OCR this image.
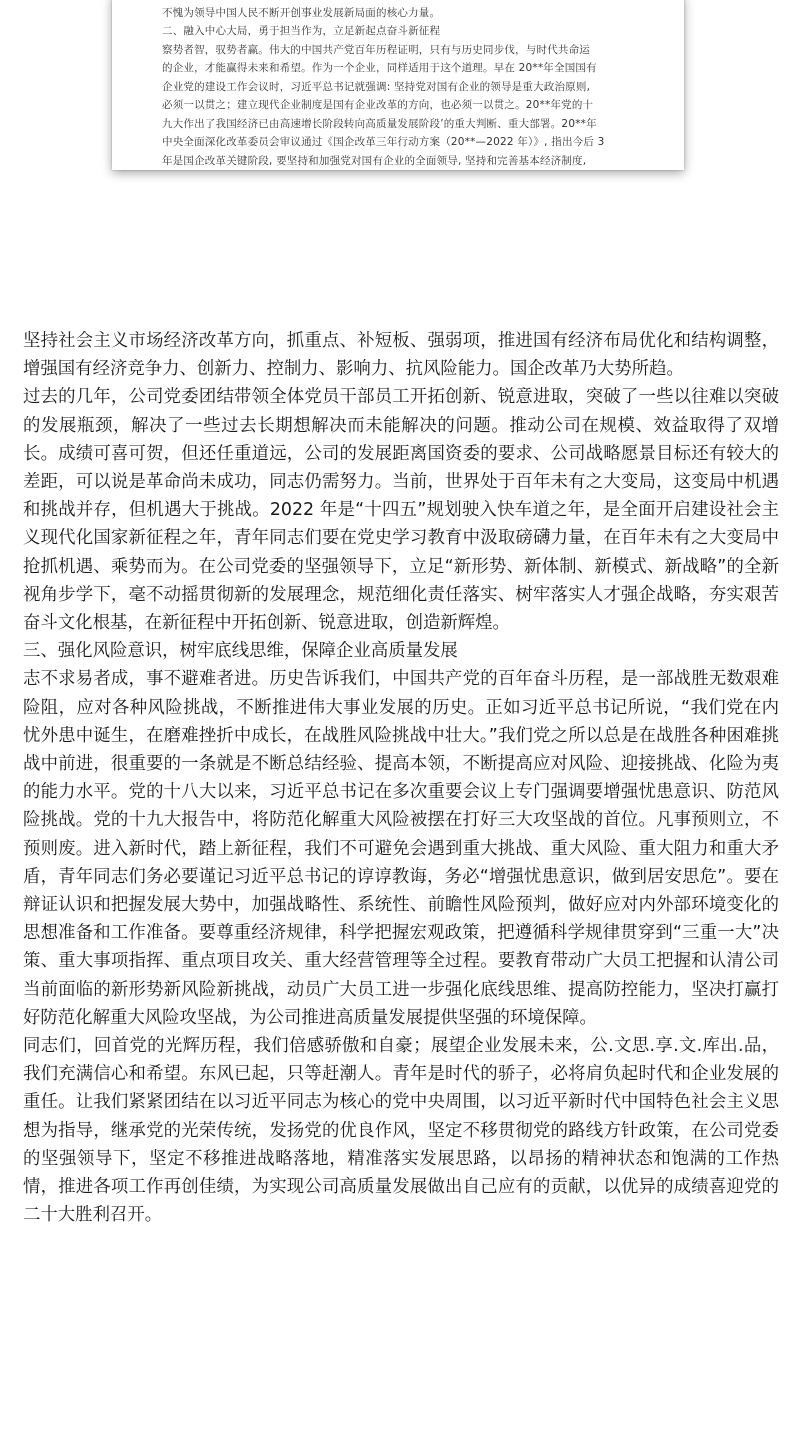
不愧为领导中国人民不断开创事业发展新局面的核心力量。

二、融入中心大局，勇于担当作为，立足新起点奋斗新征程

察势者智，驭势者赢。伟大的中国共产党百年历程证明，只有与历史同步伐，与时代共命运

的企业，才能赢得未来和希望。作为一个企业，同样适用于这个道理。早在 20**年全国国有

企业党的建设工作会议时，习近平总书记就强调: 坚持党对国有企业的领导是重大政治原则,

必须一以贯之；建立现代企业制度是国有企业改革的方向，也必须一以贯之。20**年党的十

九大作出了我国经济已由高速增长阶段转向高质量发展阶段’的重大判断、重大部署。20**年

中央全面深化改革委员会审议通过《国企改革三年行动方案（20**—2022 年）》, 指出今后 3

年是国企改革关键阶段, 要坚持和加强党对国有企业的全面领导, 坚持和完善基本经济制度,

坚持社会主义市场经济改革方向，抓重点、补短板、强弱项，推进国有经济布局优化和结构调整，增强国有经济竞争力、创新力、控制力、影响力、抗风险能力。国企改革乃大势所趋。

过去的几年，公司党委团结带领全体党员干部员工开拓创新、锐意进取，突破了一些以往难以突破的发展瓶颈，解决了一些过去长期想解决而未能解决的问题。推动公司在规模、效益取得了双增长。成绩可喜可贺，但还任重道远，公司的发展距离国资委的要求、公司战略愿景目标还有较大的差距，可以说是革命尚未成功，同志仍需努力。当前，世界处于百年未有之大变局，这变局中机遇和挑战并存，但机遇大于挑战。2022 年是“十四五”规划驶入快车道之年，是全面开启建设社会主义现代化国家新征程之年，青年同志们要在党史学习教育中汲取磅礴力量，在百年未有之大变局中抢抓机遇、乘势而为。在公司党委的坚强领导下，立足“新形势、新体制、新模式、新战略”的全新视角步学下，毫不动摇贯彻新的发展理念，规范细化责任落实、树牢落实人才强企战略，夯实艰苦奋斗文化根基，在新征程中开拓创新、锐意进取，创造新辉煌。

三、强化风险意识，树牢底线思维，保障企业高质量发展

志不求易者成，事不避难者进。历史告诉我们，中国共产党的百年奋斗历程，是一部战胜无数艰难险阻，应对各种风险挑战，不断推进伟大事业发展的历史。正如习近平总书记所说，“我们党在内忧外患中诞生，在磨难挫折中成长，在战胜风险挑战中壮大。”我们党之所以总是在战胜各种困难挑战中前进，很重要的一条就是不断总结经验、提高本领，不断提高应对风险、迎接挑战、化险为夷的能力水平。党的十八大以来，习近平总书记在多次重要会议上专门强调要增强忧患意识、防范风险挑战。党的十九大报告中，将防范化解重大风险被摆在打好三大攻坚战的首位。凡事预则立，不预则废。进入新时代，踏上新征程，我们不可避免会遇到重大挑战、重大风险、重大阻力和重大矛盾，青年同志们务必要谨记习近平总书记的谆谆教诲，务必“增强忧患意识，做到居安思危”。要在辩证认识和把握发展大势中，加强战略性、系统性、前瞻性风险预判，做好应对内外部环境变化的思想准备和工作准备。要尊重经济规律，科学把握宏观政策，把遵循科学规律贯穿到“三重一大”决策、重大事项指挥、重点项目攻关、重大经营管理等全过程。要教育带动广大员工把握和认清公司当前面临的新形势新风险新挑战，动员广大员工进一步强化底线思维、提高防控能力，坚决打赢打好防范化解重大风险攻坚战，为公司推进高质量发展提供坚强的环境保障。

同志们，回首党的光辉历程，我们倍感骄傲和自豪；展望企业发展未来，公.文思.享.文.库出.品，我们充满信心和希望。东风已起，只等赶潮人。青年是时代的骄子，必将肩负起时代和企业发展的重任。让我们紧紧团结在以习近平同志为核心的党中央周围，以习近平新时代中国特色社会主义思想为指导，继承党的光荣传统，发扬党的优良作风，坚定不移贯彻党的路线方针政策，在公司党委的坚强领导下，坚定不移推进战略落地，精准落实发展思路，以昂扬的精神状态和饱满的工作热情，推进各项工作再创佳绩，为实现公司高质量发展做出自己应有的贡献，以优异的成绩喜迎党的二十大胜利召开。
